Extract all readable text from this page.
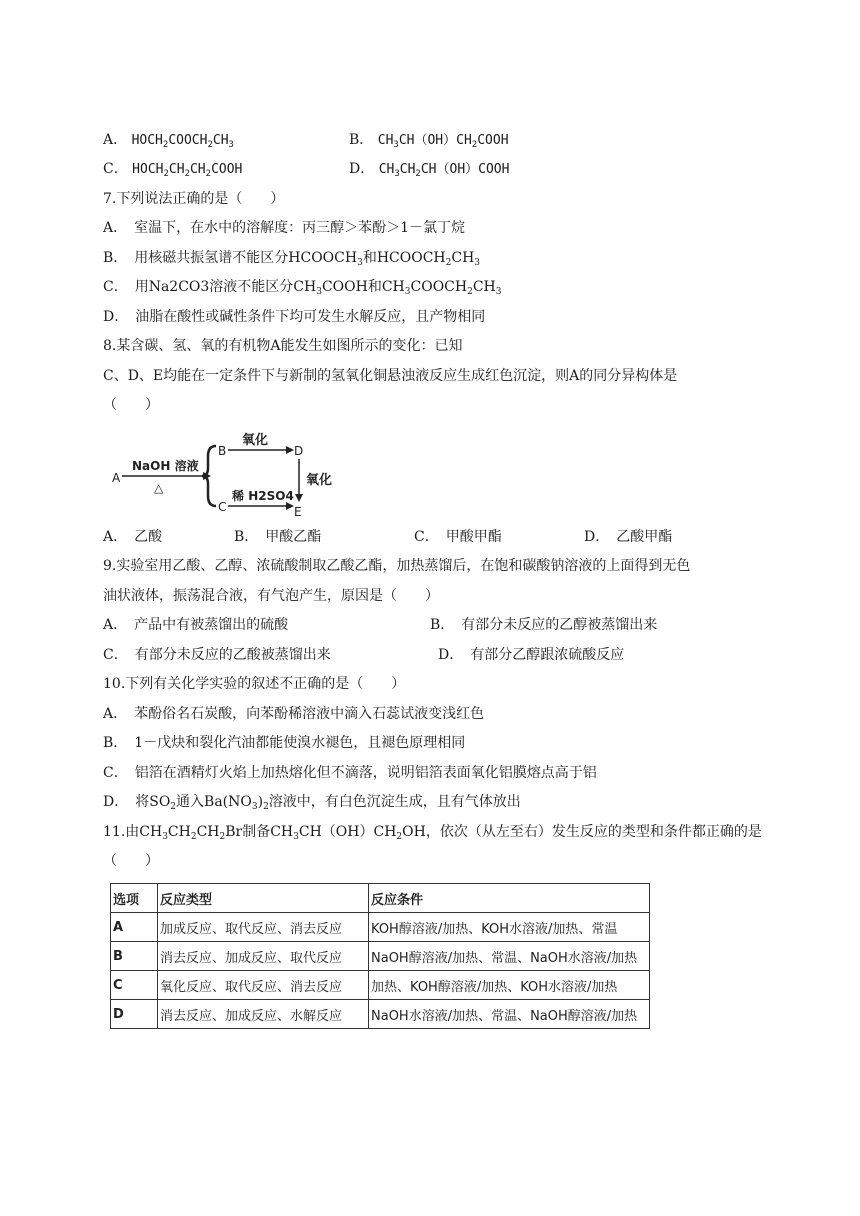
A． $HOCH_2COOCH_2CH_3$	B． $CH_3CH(OH)CH_2COOH$
C． $HOCH_2CH_2CH_2COOH$	D． $CH_3CH_2CH(OH)COOH$
7.下列说法正确的是（　　）
A．　室温下，在水中的溶解度：丙三醇＞苯酚＞1－氯丁烷
B．　用核磁共振氢谱不能区分$HCOOCH_3$和$HCOOCH_2CH_3$
C．　用Na2CO3溶液不能区分$CH_3COOH$和$CH_3COOCH_2CH_3$
D．　油脂在酸性或碱性条件下均可发生水解反应，且产物相同
8.某含碳、氢、氧的有机物A能发生如图所示的变化：已知
C、D、E均能在一定条件下与新制的氢氧化铜悬浊液反应生成红色沉淀，则A的同分异构体是
（　　）
A
NaOH 溶液
△
B
C
氧化
D
氧化
稀 H2SO4
E
A．　乙酸	B．　甲酸乙酯	C．　甲酸甲酯	D．　乙酸甲酯
9.实验室用乙酸、乙醇、浓硫酸制取乙酸乙酯，加热蒸馏后，在饱和碳酸钠溶液的上面得到无色
油状液体，振荡混合液，有气泡产生，原因是（　　）
A．　产品中有被蒸馏出的硫酸	B．　有部分未反应的乙醇被蒸馏出来
C．　有部分未反应的乙酸被蒸馏出来	D．　有部分乙醇跟浓硫酸反应
10.下列有关化学实验的叙述不正确的是（　　）
A．　苯酚俗名石炭酸，向苯酚稀溶液中滴入石蕊试液变浅红色
B．　1－戊炔和裂化汽油都能使溴水褪色，且褪色原理相同
C．　铝箔在酒精灯火焰上加热熔化但不滴落，说明铝箔表面氧化铝膜熔点高于铝
D．　将$SO_2$通入$Ba(NO_3)_2$溶液中，有白色沉淀生成，且有气体放出
11.由$CH_3CH_2CH_2Br$制备$CH_3CH(OH)CH_2OH$，依次（从左至右）发生反应的类型和条件都正确的是
（　　）
选项	反应类型	反应条件
A	加成反应、取代反应、消去反应	KOH醇溶液/加热、KOH水溶液/加热、常温
B	消去反应、加成反应、取代反应	NaOH醇溶液/加热、常温、NaOH水溶液/加热
C	氧化反应、取代反应、消去反应	加热、KOH醇溶液/加热、KOH水溶液/加热
D	消去反应、加成反应、水解反应	NaOH水溶液/加热、常温、NaOH醇溶液/加热
